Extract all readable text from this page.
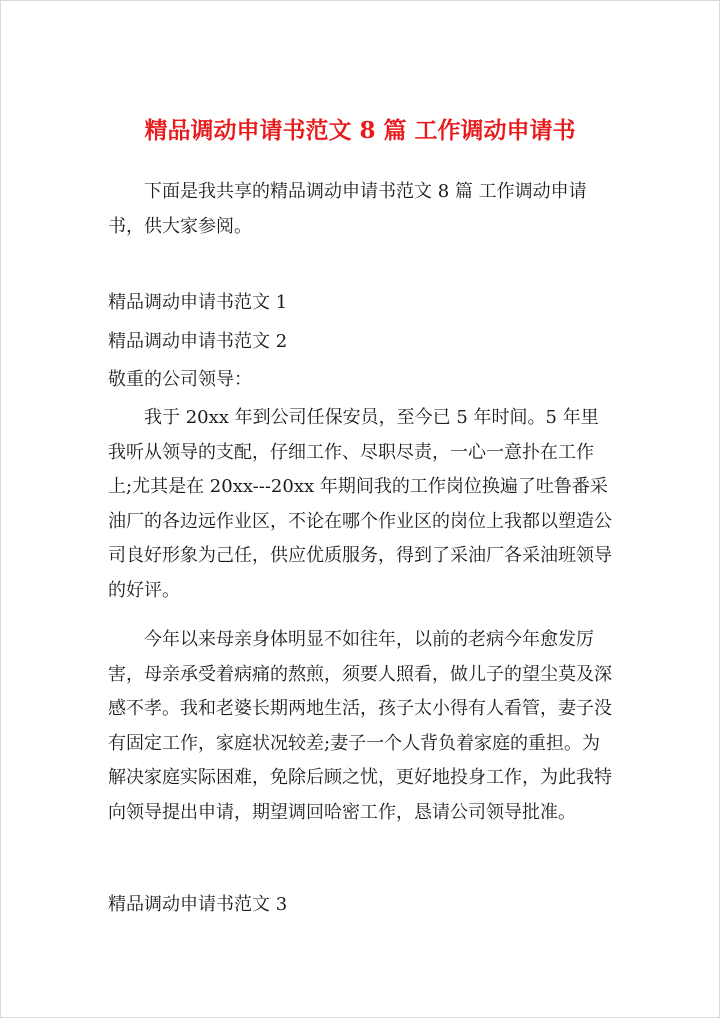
精品调动申请书范文 8 篇 工作调动申请书

下面是我共享的精品调动申请书范文 8 篇 工作调动申请书，供大家参阅。

精品调动申请书范文 1

精品调动申请书范文 2

敬重的公司领导：

我于 20xx 年到公司任保安员，至今已 5 年时间。5 年里我听从领导的支配，仔细工作、尽职尽责，一心一意扑在工作上;尤其是在 20xx---20xx 年期间我的工作岗位换遍了吐鲁番采油厂的各边远作业区，不论在哪个作业区的岗位上我都以塑造公司良好形象为己任，供应优质服务，得到了采油厂各采油班领导的好评。

今年以来母亲身体明显不如往年，以前的老病今年愈发厉害，母亲承受着病痛的熬煎，须要人照看，做儿子的望尘莫及深感不孝。我和老婆长期两地生活，孩子太小得有人看管，妻子没有固定工作，家庭状况较差;妻子一个人背负着家庭的重担。为解决家庭实际困难，免除后顾之忧，更好地投身工作，为此我特向领导提出申请，期望调回哈密工作，恳请公司领导批准。

精品调动申请书范文 3
